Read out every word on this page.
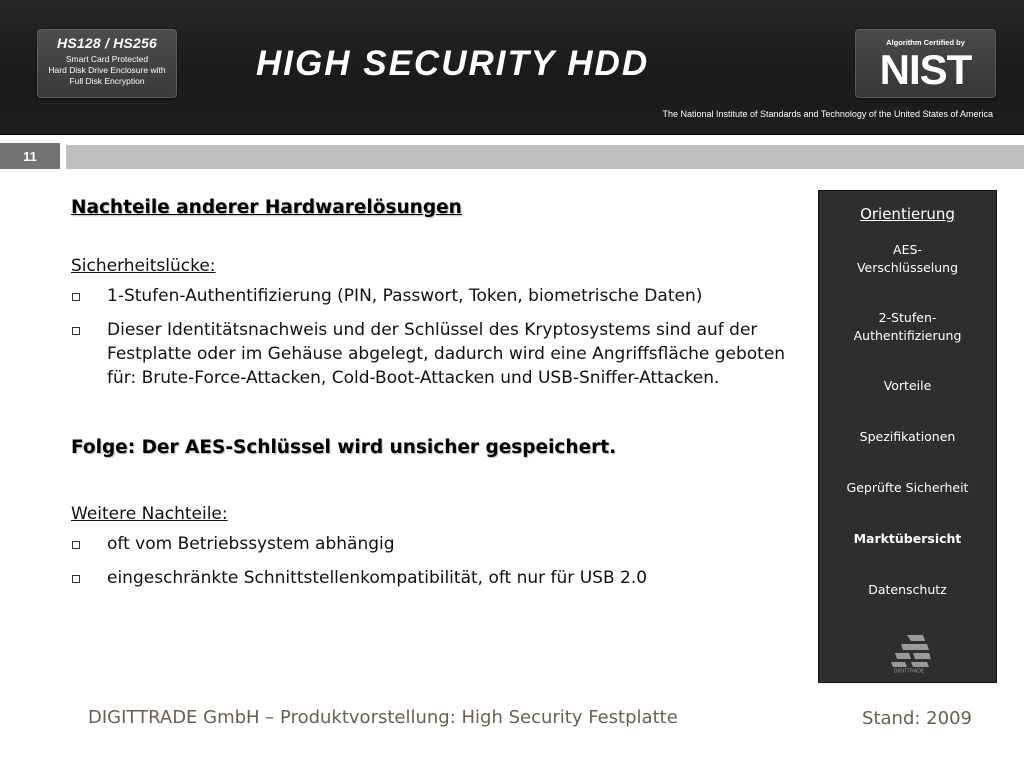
HS128 / HS256
Smart Card Protected
Hard Disk Drive Enclosure with
Full Disk Encryption	HIGH SECURITY HDD
Algorithm Certified by
NIST
The National Institute of Standards and Technology of the United States of America
11
Nachteile anderer Hardwarelösungen
Sicherheitslücke:
1-Stufen-Authentifizierung (PIN, Passwort, Token, biometrische Daten)
Dieser Identitätsnachweis und der Schlüssel des Kryptosystems sind auf der Festplatte oder im Gehäuse abgelegt, dadurch wird eine Angriffsfläche geboten für: Brute-Force-Attacken, Cold-Boot-Attacken und USB-Sniffer-Attacken.
Folge: Der AES-Schlüssel wird unsicher gespeichert.
Weitere Nachteile:
oft vom Betriebssystem abhängig
eingeschränkte Schnittstellenkompatibilität, oft nur für USB 2.0
Orientierung
AES-
Verschlüsselung
2-Stufen-
Authentifizierung
Vorteile
Spezifikationen
Geprüfte Sicherheit
Marktübersicht
Datenschutz
DIGITTRADE
DIGITTRADE GmbH – Produktvorstellung: High Security Festplatte	Stand: 2009
